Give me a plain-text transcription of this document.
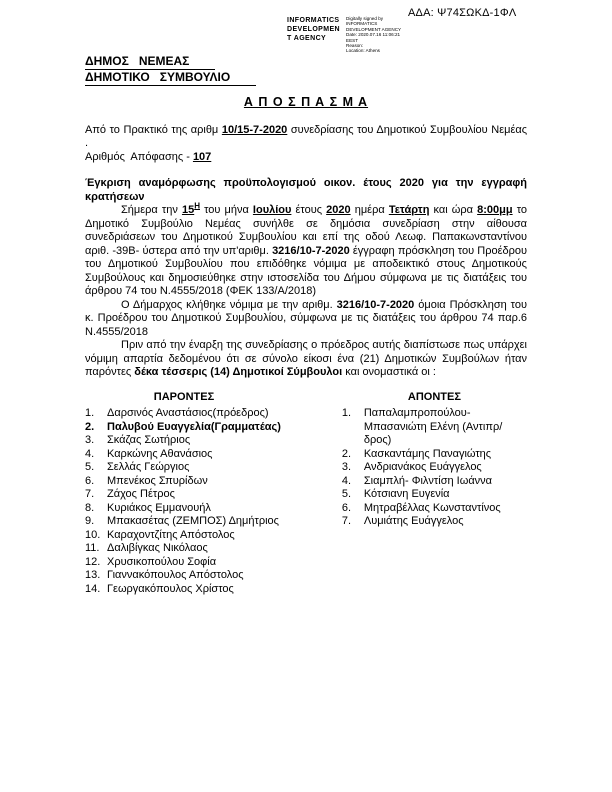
ΑΔΑ: Ψ74ΣΩΚΔ-1ΦΛ
INFORMATICS
DEVELOPMEN
T AGENCY
Digitally signed by
INFORMATICS
DEVELOPMENT AGENCY
Date: 2020.07.16 11:06:21
EEST
Reason:
Location: Athens
ΔΗΜΟΣ   ΝΕΜΕΑΣ
ΔΗΜΟΤΙΚΟ   ΣΥΜΒΟΥΛΙΟ
Α Π Ο Σ Π Α Σ Μ Α

Από το Πρακτικό της αριθμ 10/15-7-2020 συνεδρίασης του Δημοτικού Συμβουλίου Νεμέας .

Αριθμός  Απόφασης - 107

Έγκριση αναμόρφωσης προϋπολογισμού οικον. έτους 2020 για την εγγραφή κρατήσεων

Σήμερα την $15^H$ του μήνα Ιουλίου έτους 2020 ημέρα Τετάρτη και ώρα 8:00μμ το Δημοτικό Συμβούλιο Νεμέας συνήλθε σε δημόσια συνεδρίαση στην αίθουσα συνεδριάσεων του Δημοτικού Συμβουλίου και επί της οδού Λεωφ. Παπακωνσταντίνου αριθ. -39Β- ύστερα από την υπ'αριθμ. 3216/10-7-2020 έγγραφη πρόσκληση του Προέδρου του Δημοτικού Συμβουλίου που επιδόθηκε νόμιμα με αποδεικτικό στους Δημοτικούς Συμβούλους και δημοσιεύθηκε στην ιστοσελίδα του Δήμου σύμφωνα με τις διατάξεις του άρθρου 74 του Ν.4555/2018 (ΦΕΚ 133/Α/2018)

Ο Δήμαρχος κλήθηκε νόμιμα με την αριθμ. 3216/10-7-2020 όμοια Πρόσκληση του κ. Προέδρου του Δημοτικού Συμβουλίου, σύμφωνα με τις διατάξεις του άρθρου 74 παρ.6 Ν.4555/2018

Πριν από την έναρξη της συνεδρίασης ο πρόεδρος αυτής διαπίστωσε πως υπάρχει νόμιμη απαρτία δεδομένου ότι σε σύνολο είκοσι ένα (21) Δημοτικών Συμβούλων ήταν παρόντες δέκα τέσσερις (14) Δημοτικοί Σύμβουλοι και ονομαστικά οι :

ΠΑΡΟΝΤΕΣ
1.	Δαρσινός Αναστάσιος(πρόεδρος)
2.	Παλυβού Ευαγγελία(Γραμματέας)
3.	Σκάζας Σωτήριος
4.	Καρκώνης Αθανάσιος
5.	Σελλάς Γεώργιος
6.	Μπενέκος Σπυρίδων
7.	Ζάχος Πέτρος
8.	Κυριάκος Εμμανουήλ
9.	Μπακασέτας (ΖΕΜΠΟΣ) Δημήτριος
10. Καραχοντζίτης Απόστολος
11. Δαλιβίγκας Νικόλαος
12. Χρυσικοπούλου Σοφία
13. Γιαννακόπουλος Απόστολος
14. Γεωργακόπουλος Χρίστος
ΑΠΟΝΤΕΣ
1.	Παπαλαμπροπούλου-Μπασανιώτη Ελένη (Αντιπρ/δρος)
2.	Κασκαντάμης Παναγιώτης
3.	Ανδριανάκος Ευάγγελος
4.	Σιαμπλή- Φιλντίση Ιωάννα
5.	Κότσιανη Ευγενία
6.	Μητραβέλλας Κωνσταντίνος
7.	Λυμιάτης Ευάγγελος
